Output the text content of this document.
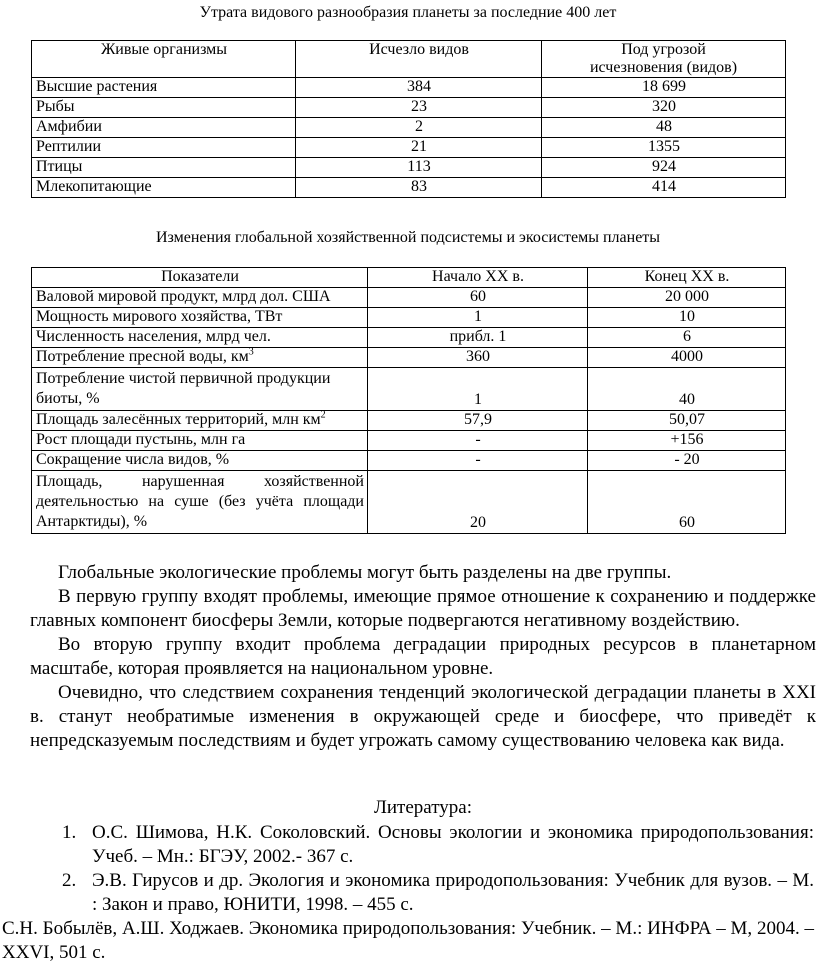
Утрата видового разнообразия планеты за последние 400 лет
Живые организмы	Исчезло видов	Под угрозой исчезновения (видов)
Высшие растения	384	18 699
Рыбы	23	320
Амфибии	2	48
Рептилии	21	1355
Птицы	113	924
Млекопитающие	83	414
Изменения глобальной хозяйственной подсистемы и экосистемы планеты
Показатели	Начало XX в.	Конец XX в.
Валовой мировой продукт, млрд дол. США	60	20 000
Мощность мирового хозяйства, ТВт	1	10
Численность населения, млрд чел.	прибл. 1	6
Потребление пресной воды, $км^3$	360	4000
Потребление чистой первичной продукции биоты, %	1	40
Площадь залесённых территорий, млн $км^2$	57,9	50,07
Рост площади пустынь, млн га	-	+156
Сокращение числа видов, %	-	- 20
Площадь, нарушенная хозяйственной деятельностью на суше (без учёта площади Антарктиды), %	20	60

Глобальные экологические проблемы могут быть разделены на две группы.

В первую группу входят проблемы, имеющие прямое отношение к сохранению и поддержке главных компонент биосферы Земли, которые подвергаются негативному воздействию.

Во вторую группу входит проблема деградации природных ресурсов в планетарном масштабе, которая проявляется на национальном уровне.

Очевидно, что следствием сохранения тенденций экологической деградации планеты в XXI в. станут необратимые изменения в окружающей среде и биосфере, что приведёт к непредсказуемым последствиям и будет угрожать самому существованию человека как вида.

Литература:
1. О.С. Шимова, Н.К. Соколовский. Основы экологии и экономика природопользования: Учеб. – Мн.: БГЭУ, 2002.- 367 с.
2. Э.В. Гирусов и др. Экология и экономика природопользования: Учебник для вузов. – М. : Закон и право, ЮНИТИ, 1998. – 455 с.
С.Н. Бобылёв, А.Ш. Ходжаев. Экономика природопользования: Учебник. – М.: ИНФРА – М, 2004. – XXVI, 501 с.
